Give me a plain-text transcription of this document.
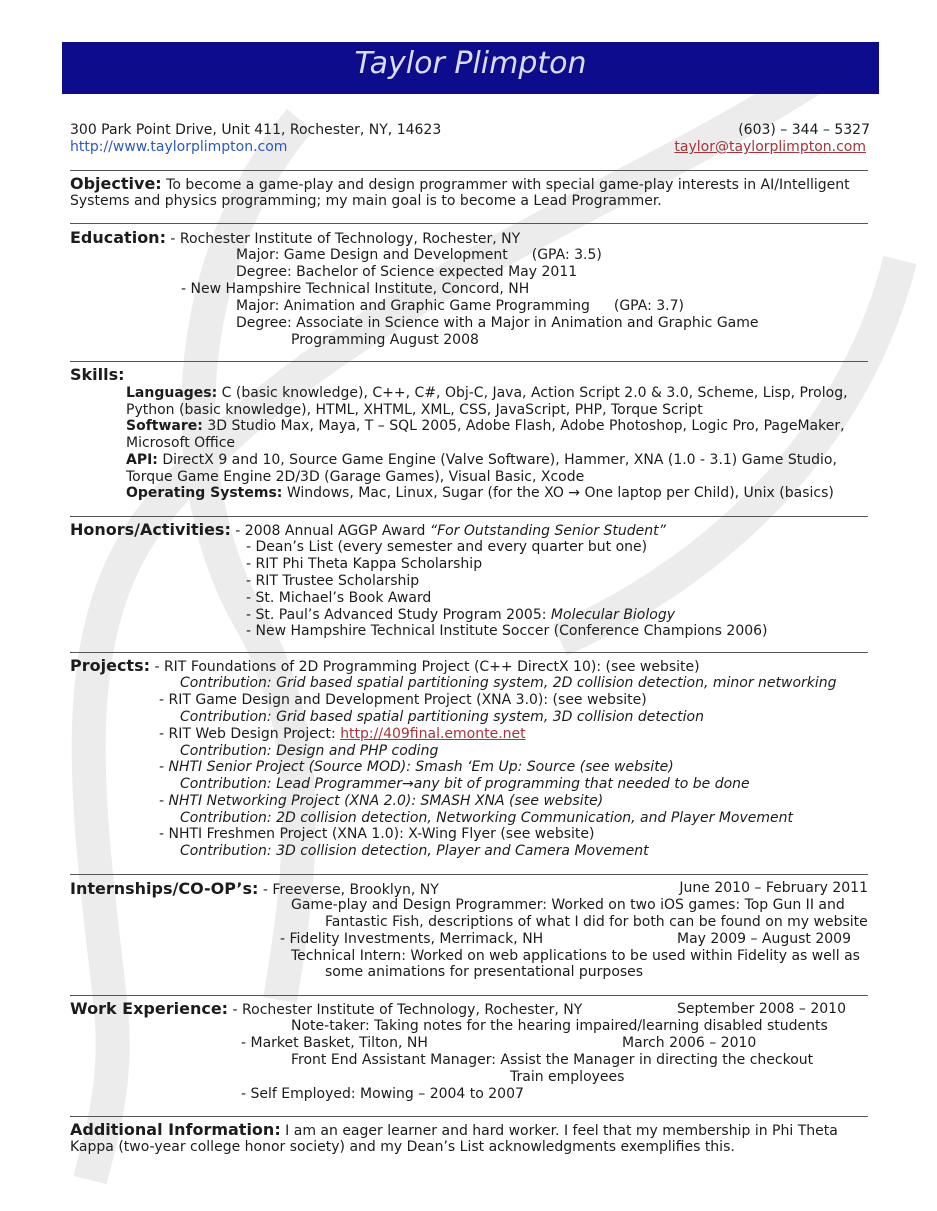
Taylor Plimpton
300 Park Point Drive, Unit 411, Rochester, NY, 14623
http://www.taylorplimpton.com
(603) – 344 – 5327
taylor@taylorplimpton.com
Objective: To become a game-play and design programmer with special game-play interests in AI/Intelligent
Systems and physics programming; my main goal is to become a Lead Programmer.
Education: - Rochester Institute of Technology, Rochester, NY
Major: Game Design and Development (GPA: 3.5)
Degree: Bachelor of Science expected May 2011
- New Hampshire Technical Institute, Concord, NH
Major: Animation and Graphic Game Programming (GPA: 3.7)
Degree: Associate in Science with a Major in Animation and Graphic Game
Programming August 2008
Skills:
Languages: C (basic knowledge), C++, C#, Obj-C, Java, Action Script 2.0 & 3.0, Scheme, Lisp, Prolog,
Python (basic knowledge), HTML, XHTML, XML, CSS, JavaScript, PHP, Torque Script
Software: 3D Studio Max, Maya, T – SQL 2005, Adobe Flash, Adobe Photoshop, Logic Pro, PageMaker,
Microsoft Office
API: DirectX 9 and 10, Source Game Engine (Valve Software), Hammer, XNA (1.0 - 3.1) Game Studio,
Torque Game Engine 2D/3D (Garage Games), Visual Basic, Xcode
Operating Systems: Windows, Mac, Linux, Sugar (for the XO → One laptop per Child), Unix (basics)
Honors/Activities: - 2008 Annual AGGP Award “For Outstanding Senior Student”
- Dean’s List (every semester and every quarter but one)
- RIT Phi Theta Kappa Scholarship
- RIT Trustee Scholarship
- St. Michael’s Book Award
- St. Paul’s Advanced Study Program 2005: Molecular Biology
- New Hampshire Technical Institute Soccer (Conference Champions 2006)
Projects: - RIT Foundations of 2D Programming Project (C++ DirectX 10): (see website)
Contribution: Grid based spatial partitioning system, 2D collision detection, minor networking
- RIT Game Design and Development Project (XNA 3.0): (see website)
Contribution: Grid based spatial partitioning system, 3D collision detection
- RIT Web Design Project: http://409final.emonte.net
Contribution: Design and PHP coding
- NHTI Senior Project (Source MOD): Smash ‘Em Up: Source (see website)
Contribution: Lead Programmer→any bit of programming that needed to be done
- NHTI Networking Project (XNA 2.0): SMASH XNA (see website)
Contribution: 2D collision detection, Networking Communication, and Player Movement
- NHTI Freshmen Project (XNA 1.0): X-Wing Flyer (see website)
Contribution: 3D collision detection, Player and Camera Movement
Internships/CO-OP’s: - Freeverse, Brooklyn, NY	June 2010 – February 2011
Game-play and Design Programmer: Worked on two iOS games: Top Gun II and
Fantastic Fish, descriptions of what I did for both can be found on my website
- Fidelity Investments, Merrimack, NH	May 2009 – August 2009
Technical Intern: Worked on web applications to be used within Fidelity as well as
some animations for presentational purposes
Work Experience: - Rochester Institute of Technology, Rochester, NY	September 2008 – 2010
Note-taker: Taking notes for the hearing impaired/learning disabled students
- Market Basket, Tilton, NH	March 2006 – 2010
Front End Assistant Manager: Assist the Manager in directing the checkout
Train employees
- Self Employed: Mowing – 2004 to 2007
Additional Information: I am an eager learner and hard worker. I feel that my membership in Phi Theta
Kappa (two-year college honor society) and my Dean’s List acknowledgments exemplifies this.
